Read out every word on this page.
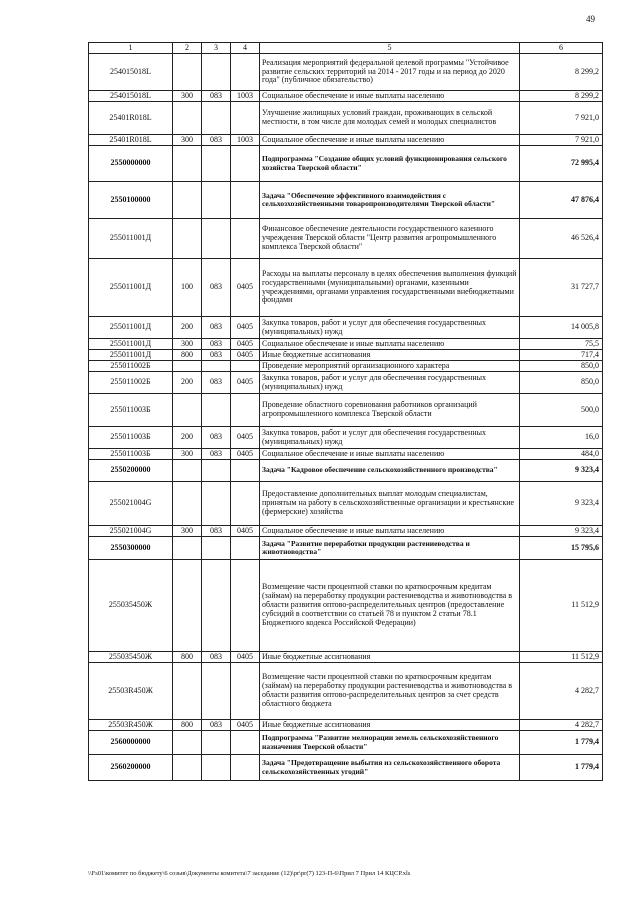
49
1	2	3	4	5	6
254015018L				Реализация мероприятий федеральной целевой программы "Устойчивое развитие сельских территорий на 2014 - 2017 годы и на период до 2020 года" (публичное обязательство)	8 299,2
254015018L	300	083	1003	Социальное обеспечение и иные выплаты населению	8 299,2
25401R018L				Улучшение жилищных условий граждан, проживающих в сельской местности, в том числе для молодых семей и молодых специалистов	7 921,0
25401R018L	300	083	1003	Социальное обеспечение и иные выплаты населению	7 921,0
2550000000				Подпрограмма "Создание общих условий функционирования сельского хозяйства Тверской области"	72 995,4
2550100000				Задача "Обеспечение эффективного взаимодействия с сельхозхозяйственными товаропроизводителями Тверской области"	47 876,4
255011001Д				Финансовое обеспечение деятельности государственного казенного учреждения Тверской области "Центр развития агропромышленного комплекса Тверской области"	46 526,4
255011001Д	100	083	0405	Расходы на выплаты персоналу в целях обеспечения выполнения функций государственными (муниципальными) органами, казенными учреждениями, органами управления государственными внебюджетными фондами	31 727,7
255011001Д	200	083	0405	Закупка товаров, работ и услуг для обеспечения государственных (муниципальных) нужд	14 005,8
255011001Д	300	083	0405	Социальное обеспечение и иные выплаты населению	75,5
255011001Д	800	083	0405	Иные бюджетные ассигнования	717,4
255011002Б				Проведение мероприятий организационного характера	850,0
255011002Б	200	083	0405	Закупка товаров, работ и услуг для обеспечения государственных (муниципальных) нужд	850,0
255011003Б				Проведение областного соревнования работников организаций агропромышленного комплекса Тверской области	500,0
255011003Б	200	083	0405	Закупка товаров, работ и услуг для обеспечения государственных (муниципальных) нужд	16,0
255011003Б	300	083	0405	Социальное обеспечение и иные выплаты населению	484,0
2550200000				Задача "Кадровое обеспечение сельскохозяйственного производства"	9 323,4
255021004G				Предоставление дополнительных выплат молодым специалистам, принятым на работу в сельскохозяйственные организации и крестьянские (фермерские) хозяйства	9 323,4
255021004G	300	083	0405	Социальное обеспечение и иные выплаты населению	9 323,4
2550300000				Задача "Развитие переработки продукции растениеводства и животноводства"	15 795,6
255035450Ж				Возмещение части процентной ставки по краткосрочным кредитам (займам) на переработку продукции растениеводства и животноводства в области развития оптово-распределительных центров (предоставление субсидий в соответствии со статьей 78 и пунктом 2 статьи 78.1 Бюджетного кодекса Российской Федерации)	11 512,9
255035450Ж	800	083	0405	Иные бюджетные ассигнования	11 512,9
25503R450Ж				Возмещение части процентной ставки по краткосрочным кредитам (займам) на переработку продукции растениеводства и животноводства в области развития оптово-распределительных центров за счет средств областного бюджета	4 282,7
25503R450Ж	800	083	0405	Иные бюджетные ассигнования	4 282,7
2560000000				Подпрограмма "Развитие мелиорации земель сельскохозяйственного назначения Тверской области"	1 779,4
2560200000				Задача "Предотвращение выбытия из сельскохозяйственного оборота сельскохозяйственных угодий"	1 779,4
\\Fs01\комитет по бюджету\6 созыв\Документы комитета\7 заседание (12)\pr\pr(7) 123-П-6\Прил 7 Прил 14 КЦСР.xls
